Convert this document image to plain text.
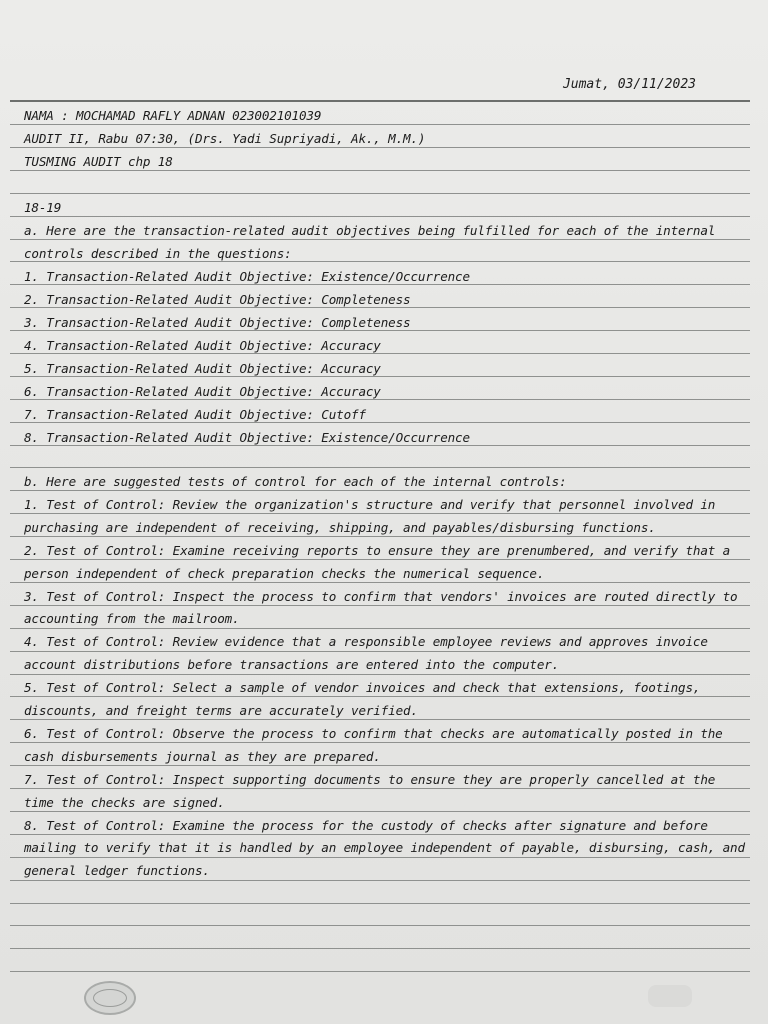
Jumat, 03/11/2023
NAMA : MOCHAMAD RAFLY ADNAN 023002101039
AUDIT II, Rabu 07:30, (Drs. Yadi Supriyadi, Ak., M.M.)
TUSMING AUDIT chp 18
18-19
a. Here are the transaction-related audit objectives being fulfilled for each of the internal
controls described in the questions:
1. Transaction-Related Audit Objective: Existence/Occurrence
2. Transaction-Related Audit Objective: Completeness
3. Transaction-Related Audit Objective: Completeness
4. Transaction-Related Audit Objective: Accuracy
5. Transaction-Related Audit Objective: Accuracy
6. Transaction-Related Audit Objective: Accuracy
7. Transaction-Related Audit Objective: Cutoff
8. Transaction-Related Audit Objective: Existence/Occurrence
b. Here are suggested tests of control for each of the internal controls:
1. Test of Control: Review the organization's structure and verify that personnel involved in
purchasing are independent of receiving, shipping, and payables/disbursing functions.
2. Test of Control: Examine receiving reports to ensure they are prenumbered, and verify that a
person independent of check preparation checks the numerical sequence.
3. Test of Control: Inspect the process to confirm that vendors' invoices are routed directly to
accounting from the mailroom.
4. Test of Control: Review evidence that a responsible employee reviews and approves invoice
account distributions before transactions are entered into the computer.
5. Test of Control: Select a sample of vendor invoices and check that extensions, footings,
discounts, and freight terms are accurately verified.
6. Test of Control: Observe the process to confirm that checks are automatically posted in the
cash disbursements journal as they are prepared.
7. Test of Control: Inspect supporting documents to ensure they are properly cancelled at the
time the checks are signed.
8. Test of Control: Examine the process for the custody of checks after signature and before
mailing to verify that it is handled by an employee independent of payable, disbursing, cash, and
general ledger functions.
